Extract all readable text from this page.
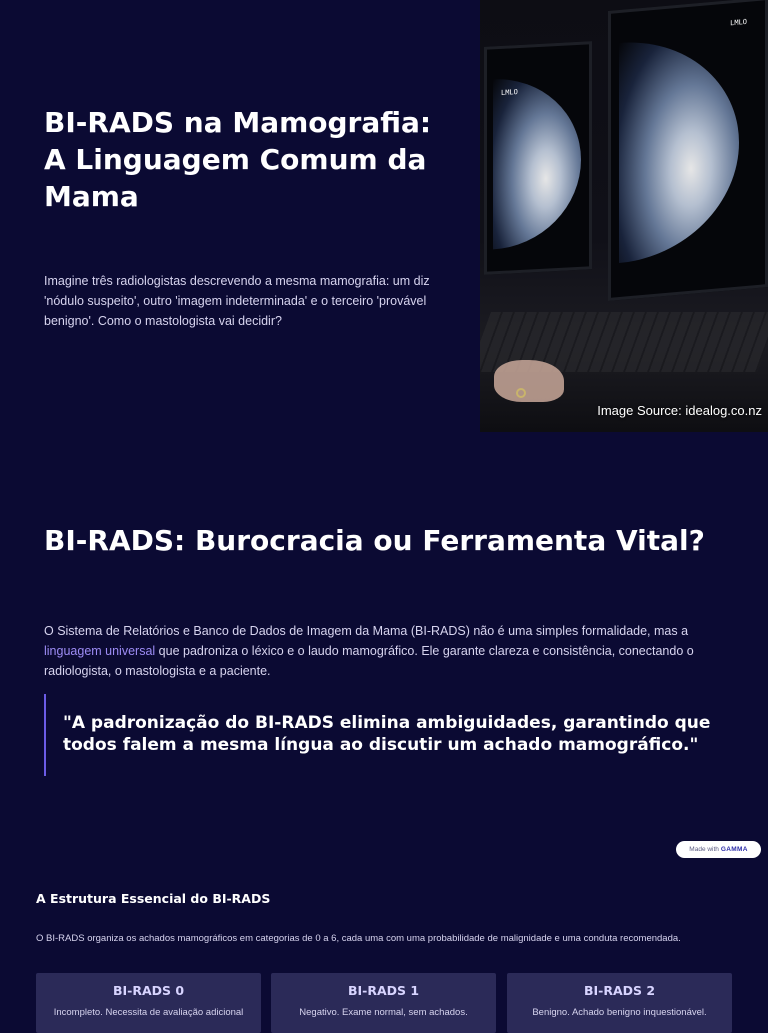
BI-RADS na Mamografia: A Linguagem Comum da Mama

Imagine três radiologistas descrevendo a mesma mamografia: um diz 'nódulo suspeito', outro 'imagem indeterminada' e o terceiro 'provável benigno'. Como o mastologista vai decidir?

LMLO
LMLO
Image Source: idealog.co.nz
BI-RADS: Burocracia ou Ferramenta Vital?

O Sistema de Relatórios e Banco de Dados de Imagem da Mama (BI-RADS) não é uma simples formalidade, mas a linguagem universal que padroniza o léxico e o laudo mamográfico. Ele garante clareza e consistência, conectando o radiologista, o mastologista e a paciente.

"A padronização do BI-RADS elimina ambiguidades, garantindo que todos falem a mesma língua ao discutir um achado mamográfico."

Made with GAMMA
A Estrutura Essencial do BI-RADS

O BI-RADS organiza os achados mamográficos em categorias de 0 a 6, cada uma com uma probabilidade de malignidade e uma conduta recomendada.

BI-RADS 0

Incompleto. Necessita de avaliação adicional

BI-RADS 1

Negativo. Exame normal, sem achados.

BI-RADS 2

Benigno. Achado benigno inquestionável.
